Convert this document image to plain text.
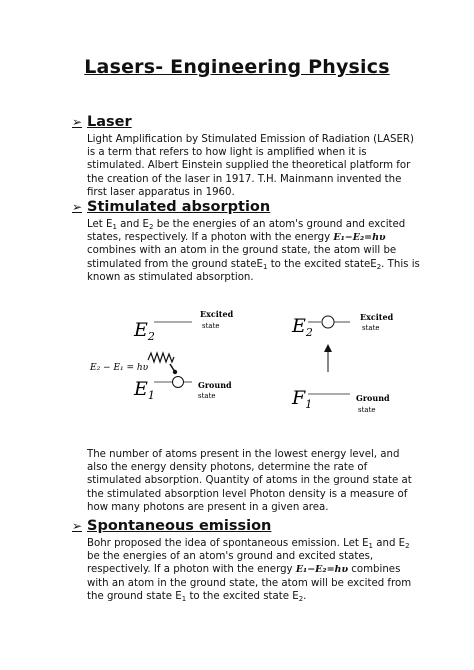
Lasers- Engineering Physics
➢ Laser
Light Amplification by Stimulated Emission of Radiation (LASER) is a term that refers to how light is amplified when it is stimulated. Albert Einstein supplied the theoretical platform for the creation of the laser in 1917. T.H. Mainmann invented the first laser apparatus in 1960.
➢ Stimulated absorption
Let $E_1$ and $E_2$ be the energies of an atom's ground and excited states, respectively. If a photon with the energy E₁−E₂=hυ combines with an atom in the ground state, the atom will be stimulated from the ground stateE$_1$ to the excited stateE$_2$. This is known as stimulated absorption.
$E_2$
Excited
state
E₂ − E₁ = hυ
$E_1$
Ground
state
$E_2$
Excited
state
$F_1$	Ground
state
The number of atoms present in the lowest energy level, and also the energy density photons, determine the rate of stimulated absorption. Quantity of atoms in the ground state at the stimulated absorption level Photon density is a measure of how many photons are present in a given area.
➢ Spontaneous emission
Bohr proposed the idea of spontaneous emission. Let $E_1$ and $E_2$ be the energies of an atom's ground and excited states, respectively. If a photon with the energy E₁−E₂=hυ combines with an atom in the ground state, the atom will be excited from the ground state $E_1$ to the excited state $E_2$.
